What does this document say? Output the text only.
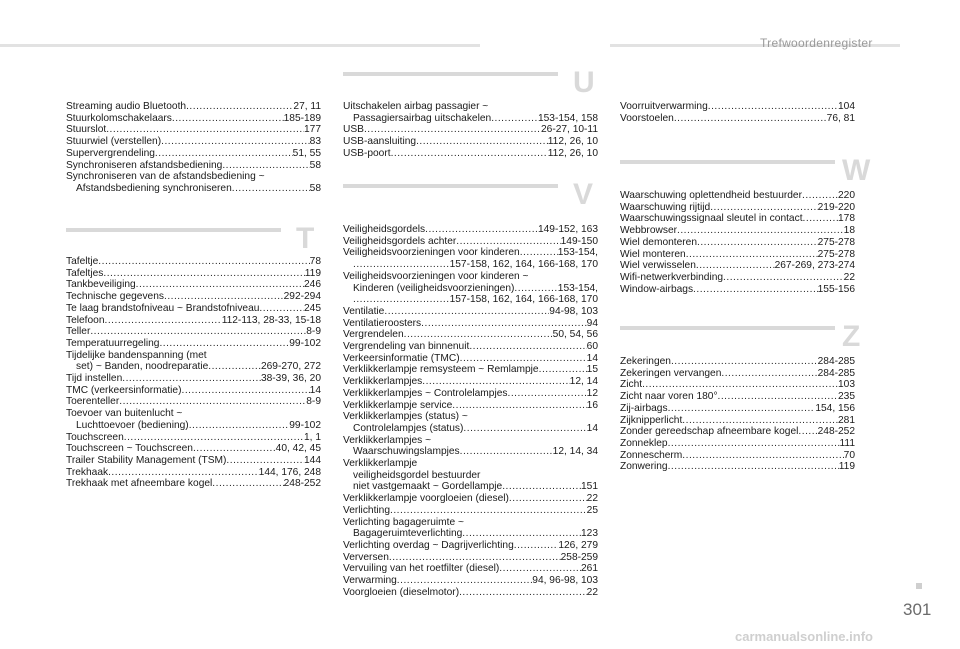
Trefwoordenregister
Streaming audio Bluetooth .....	27, 11
Stuurkolomschakelaars .....	185-189
Stuurslot .....	177
Stuurwiel (verstellen) .....	83
Supervergrendeling .....	51, 55
Synchroniseren afstandsbediening .....	58
Synchroniseren van de afstandsbediening ~
Afstandsbediening synchroniseren .....	58
T
Tafeltje .....	78
Tafeltjes .....	119
Tankbeveiliging .....	246
Technische gegevens .....	292-294
Te laag brandstofniveau ~ Brandstofniveau .....	245
Telefoon .....	112-113, 28-33, 15-18
Teller .....	8-9
Temperatuurregeling .....	99-102
Tijdelijke bandenspanning (met
set) ~ Banden, noodreparatie .....	269-270, 272
Tijd instellen .....	38-39, 36, 20
TMC (verkeersinformatie) .....	14
Toerenteller .....	8-9
Toevoer van buitenlucht ~
Luchttoevoer (bediening) .....	99-102
Touchscreen .....	1, 1
Touchscreen ~ Touchscreen .....	40, 42, 45
Trailer Stability Management (TSM) .....	144
Trekhaak .....	144, 176, 248
Trekhaak met afneembare kogel .....	248-252
U
Uitschakelen airbag passagier ~
Passagiersairbag uitschakelen .....	153-154, 158
USB .....	26-27, 10-11
USB-aansluiting .....	112, 26, 10
USB-poort .....	112, 26, 10
V
Veiligheidsgordels .....	149-152, 163
Veiligheidsgordels achter .....	149-150
Veiligheidsvoorzieningen voor kinderen .....	153-154,
.....
157-158, 162, 164, 166-168, 170
Veiligheidsvoorzieningen voor kinderen ~
Kinderen (veiligheidsvoorzieningen) .....	153-154,
.....
157-158, 162, 164, 166-168, 170
Ventilatie .....	94-98, 103
Ventilatieroosters .....	94
Vergrendelen .....	50, 54, 56
Vergrendeling van binnenuit .....	60
Verkeersinformatie (TMC) .....	14
Verklikkerlampje remsysteem ~ Remlampje .....	15
Verklikkerlampjes .....	12, 14
Verklikkerlampjes ~ Controlelampjes .....	12
Verklikkerlampje service .....	16
Verklikkerlampjes (status) ~
Controlelampjes (status) .....	14
Verklikkerlampjes ~
Waarschuwingslampjes .....	12, 14, 34
Verklikkerlampje
veiligheidsgordel bestuurder
niet vastgemaakt ~ Gordellampje .....	151
Verklikkerlampje voorgloeien (diesel) .....	22
Verlichting .....	25
Verlichting bagageruimte ~
Bagageruimteverlichting .....	123
Verlichting overdag ~ Dagrijverlichting .....	126, 279
Verversen .....	258-259
Vervuiling van het roetfilter (diesel) .....	261
Verwarming .....	94, 96-98, 103
Voorgloeien (dieselmotor) .....	22
Voorruitverwarming .....	104
Voorstoelen .....	76, 81
W
Waarschuwing oplettendheid bestuurder .....	220
Waarschuwing rijtijd .....	219-220
Waarschuwingssignaal sleutel in contact .....	178
Webbrowser .....	18
Wiel demonteren .....	275-278
Wiel monteren .....	275-278
Wiel verwisselen .....	267-269, 273-274
Wifi-netwerkverbinding .....	22
Window-airbags .....	155-156
Z
Zekeringen .....	284-285
Zekeringen vervangen .....	284-285
Zicht .....	103
Zicht naar voren 180° .....	235
Zij-airbags .....	154, 156
Zijknipperlicht .....	281
Zonder gereedschap afneembare kogel ..... 248-252
Zonneklep .....	111
Zonnescherm .....	70
Zonwering .....	119
301
carmanualsonline.info
